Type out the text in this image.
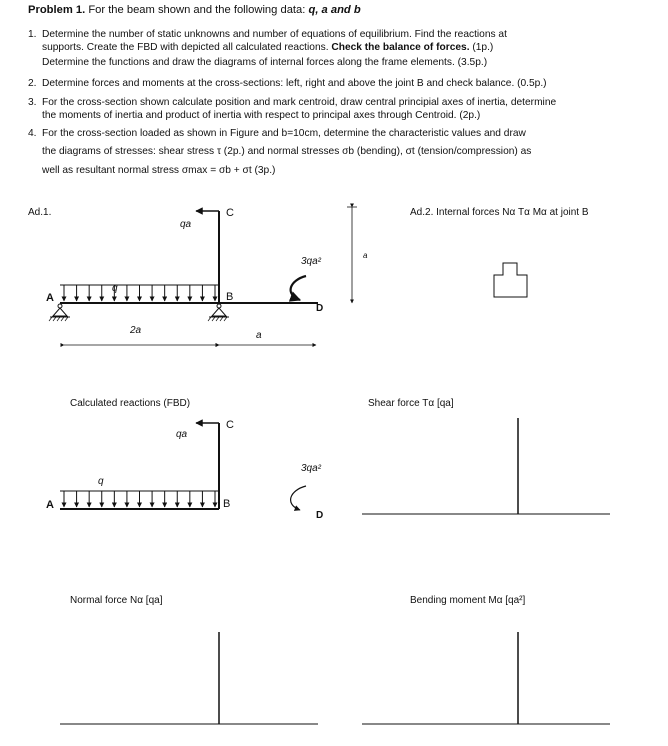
Problem 1. For the beam shown and the following data: q, a and b
1. Determine the number of static unknowns and number of equations of equilibrium. Find the reactions at
supports. Create the FBD with depicted all calculated reactions. Check the balance of forces. (1p.)
Determine the functions and draw the diagrams of internal forces along the frame elements. (3.5p.)
2. Determine forces and moments at the cross-sections: left, right and above the joint B and check balance. (0.5p.)
3. For the cross-section shown calculate position and mark centroid, draw central principial axes of inertia, determine
the moments of inertia and product of inertia with respect to principal axes through Centroid. (2p.)
4. For the cross-section loaded as shown in Figure and b=10cm, determine the characteristic values and draw
the diagrams of stresses: shear stress τ (2p.) and normal stresses σb (bending), σt (tension/compression) as
well as resultant normal stress σmax = σb + σt (3p.)
Ad.1.	Ad.2. Internal forces Nα Tα Mα at joint B
Calculated reactions (FBD)	Shear force Tα [qa]
Normal force Nα [qa]	Bending moment Mα [qa²]
qa
C
A	B
D
q
3qa²
2a	a
a
qa
C
A	B
D
q
3qa²
